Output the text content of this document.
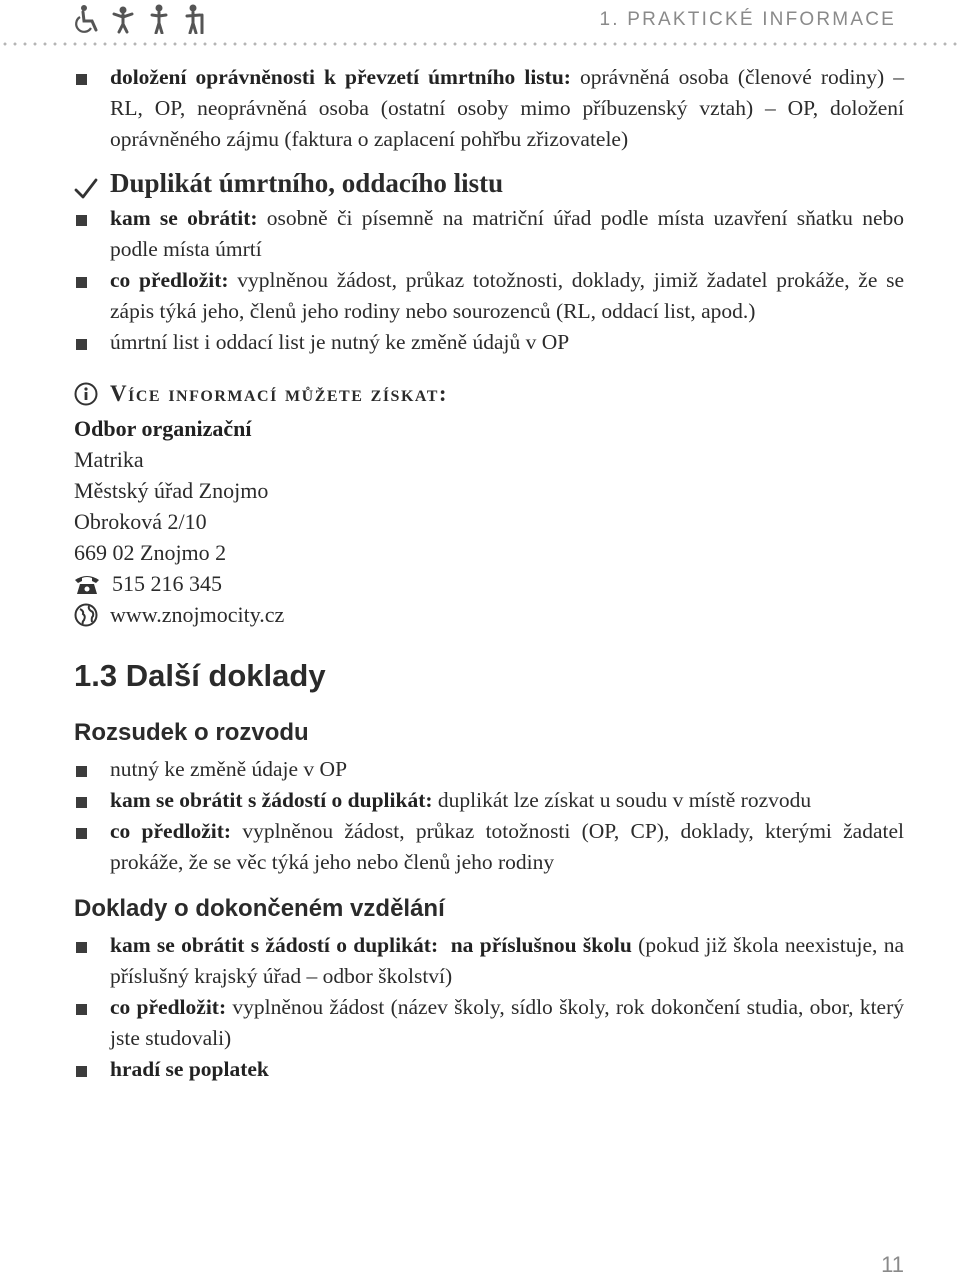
1. PRAKTICKÉ INFORMACE
doložení oprávněnosti k převzetí úmrtního listu: oprávněná osoba (členové rodiny) – RL, OP, neoprávněná osoba (ostatní osoby mimo příbuzenský vztah) – OP, doložení oprávněného zájmu (faktura o zaplacení pohřbu zřizovatele)
Duplikát úmrtního, oddacího listu
kam se obrátit: osobně či písemně na matriční úřad podle místa uzavření sňatku nebo podle místa úmrtí
co předložit: vyplněnou žádost, průkaz totožnosti, doklady, jimiž žadatel prokáže, že se zápis týká jeho, členů jeho rodiny nebo sourozenců (RL, oddací list, apod.)
úmrtní list i oddací list je nutný ke změně údajů v OP
Více informací můžete získat:
Odbor organizační
Matrika
Městský úřad Znojmo
Obroková 2/10
669 02 Znojmo 2
515 216 345
www.znojmocity.cz
1.3 Další doklady
Rozsudek o rozvodu
nutný ke změně údaje v OP
kam se obrátit s žádostí o duplikát: duplikát lze získat u soudu v místě rozvodu
co předložit: vyplněnou žádost, průkaz totožnosti (OP, CP), doklady, kterými žadatel prokáže, že se věc týká jeho nebo členů jeho rodiny
Doklady o dokončeném vzdělání
kam se obrátit s žádostí o duplikát:  na příslušnou školu (pokud již škola neexistuje, na příslušný krajský úřad – odbor školství)
co předložit: vyplněnou žádost (název školy, sídlo školy, rok dokončení studia, obor, který jste studovali)
hradí se poplatek
11
